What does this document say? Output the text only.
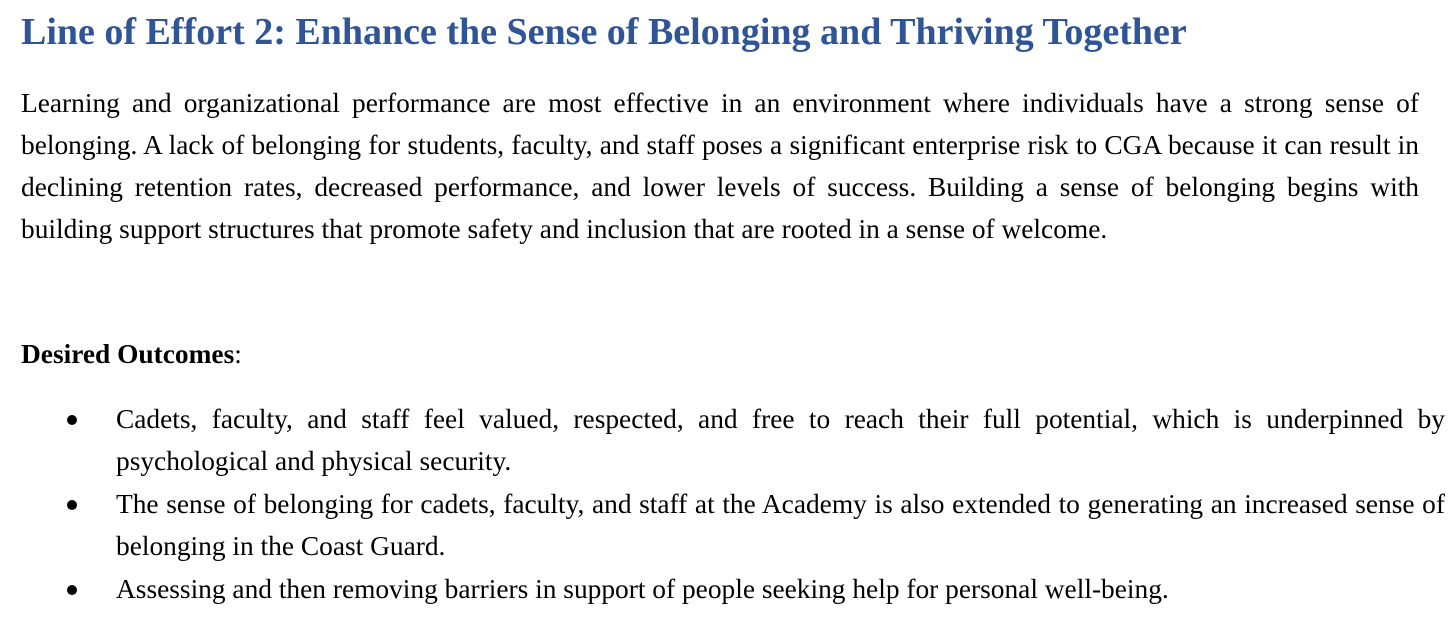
Line of Effort 2: Enhance the Sense of Belonging and Thriving Together

Learning and organizational performance are most effective in an environment where individuals have a strong sense of belonging. A lack of belonging for students, faculty, and staff poses a significant enterprise risk to CGA because it can result in declining retention rates, decreased performance, and lower levels of success. Building a sense of belonging begins with building support structures that promote safety and inclusion that are rooted in a sense of welcome.

Desired Outcomes:

Cadets, faculty, and staff feel valued, respected, and free to reach their full potential, which is underpinned by psychological and physical security.
The sense of belonging for cadets, faculty, and staff at the Academy is also extended to generating an increased sense of belonging in the Coast Guard.
Assessing and then removing barriers in support of people seeking help for personal well-being.
